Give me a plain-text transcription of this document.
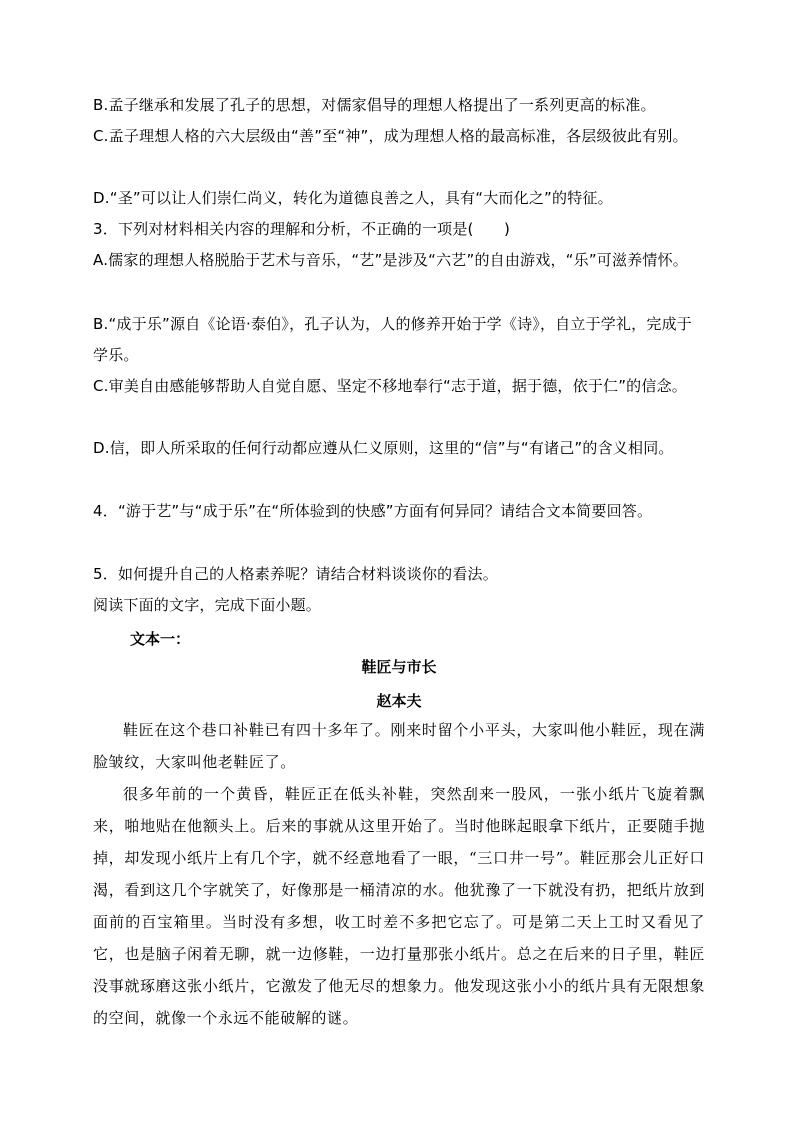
B.孟子继承和发展了孔子的思想，对儒家倡导的理想人格提出了一系列更高的标准。

C.孟子理想人格的六大层级由“善”至“神”，成为理想人格的最高标准，各层级彼此有别。

D.“圣”可以让人们崇仁尚义，转化为道德良善之人，具有“大而化之”的特征。

3．下列对材料相关内容的理解和分析，不正确的一项是(　　)

A.儒家的理想人格脱胎于艺术与音乐，“艺”是涉及“六艺”的自由游戏，“乐”可滋养情怀。

B.“成于乐”源自《论语·泰伯》，孔子认为，人的修养开始于学《诗》，自立于学礼，完成于学乐。

C.审美自由感能够帮助人自觉自愿、坚定不移地奉行“志于道，据于德，依于仁”的信念。

D.信，即人所采取的任何行动都应遵从仁义原则，这里的“信”与“有诸己”的含义相同。

4．“游于艺”与“成于乐”在“所体验到的快感”方面有何异同？请结合文本简要回答。

5．如何提升自己的人格素养呢？请结合材料谈谈你的看法。

阅读下面的文字，完成下面小题。

文本一：

鞋匠与市长

赵本夫

鞋匠在这个巷口补鞋已有四十多年了。刚来时留个小平头，大家叫他小鞋匠，现在满脸皱纹，大家叫他老鞋匠了。

很多年前的一个黄昏，鞋匠正在低头补鞋，突然刮来一股风，一张小纸片飞旋着飘来，啪地贴在他额头上。后来的事就从这里开始了。当时他眯起眼拿下纸片，正要随手抛掉，却发现小纸片上有几个字，就不经意地看了一眼，“三口井一号”。鞋匠那会儿正好口渴，看到这几个字就笑了，好像那是一桶清凉的水。他犹豫了一下就没有扔，把纸片放到面前的百宝箱里。当时没有多想，收工时差不多把它忘了。可是第二天上工时又看见了它，也是脑子闲着无聊，就一边修鞋，一边打量那张小纸片。总之在后来的日子里，鞋匠没事就琢磨这张小纸片，它激发了他无尽的想象力。他发现这张小小的纸片具有无限想象的空间，就像一个永远不能破解的谜。
